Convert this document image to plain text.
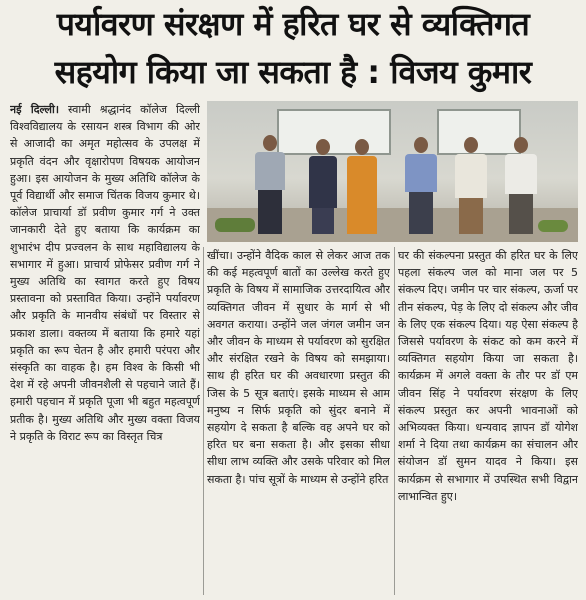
पर्यावरण संरक्षण में हरित घर से व्यक्तिगत
सहयोग किया जा सकता है : विजय कुमार
नई दिल्ली। स्वामी श्रद्धानंद कॉलेज दिल्ली विश्वविद्यालय के रसायन शस्त्र विभाग की ओर से आजादी का अमृत महोत्सव के उपलक्ष में प्रकृति वंदन और वृक्षारोपण विषयक आयोजन हुआ। इस आयोजन के मुख्य अतिथि कॉलेज के पूर्व विद्यार्थी और समाज चिंतक विजय कुमार थे। कॉलेज प्राचार्या डॉ प्रवीण कुमार गर्ग ने उक्त जानकारी देते हुए बताया कि कार्यक्रम का शुभारंभ दीप प्रज्वलन के साथ महाविद्यालय के सभागार में हुआ। प्राचार्य प्रोफेसर प्रवीण गर्ग ने मुख्य अतिथि का स्वागत करते हुए विषय प्रस्तावना को प्रस्तावित किया। उन्होंने पर्यावरण और प्रकृति के मानवीय संबंधों पर विस्तार से प्रकाश डाला। वक्तव्य में बताया कि हमारे यहां प्रकृति का रूप चेतन है और हमारी परंपरा और संस्कृति का वाहक है। हम विश्व के किसी भी देश में रहे अपनी जीवनशैली से पहचाने जाते हैं। हमारी पहचान में प्रकृति पूजा भी बहुत महत्वपूर्ण प्रतीक है। मुख्य अतिथि और मुख्य वक्ता विजय ने प्रकृति के विराट रूप का विस्तृत चित्र
खींचा। उन्होंने वैदिक काल से लेकर आज तक की कई महत्वपूर्ण बातों का उल्लेख करते हुए प्रकृति के विषय में सामाजिक उत्तरदायित्व और व्यक्तिगत जीवन में सुधार के मार्ग से भी अवगत कराया। उन्होंने जल जंगल जमीन जन और जीवन के माध्यम से पर्यावरण को सुरक्षित और संरक्षित रखने के विषय को समझाया। साथ ही हरित घर की अवधारणा प्रस्तुत की जिस के 5 सूत्र बताएं। इसके माध्यम से आम मनुष्य न सिर्फ प्रकृति को सुंदर बनाने में सहयोग दे सकता है बल्कि वह अपने घर को हरित घर बना सकता है। और इसका सीधा सीधा लाभ व्यक्ति और उसके परिवार को मिल सकता है। पांच सूत्रों के माध्यम से उन्होंने हरित
घर की संकल्पना प्रस्तुत की हरित घर के लिए पहला संकल्प जल को माना जल पर 5 संकल्प दिए। जमीन पर चार संकल्प, ऊर्जा पर तीन संकल्प, पेड़ के लिए दो संकल्प और जीव के लिए एक संकल्प दिया। यह ऐसा संकल्प है जिससे पर्यावरण के संकट को कम करने में व्यक्तिगत सहयोग किया जा सकता है। कार्यक्रम में अगले वक्ता के तौर पर डॉ एम जीवन सिंह ने पर्यावरण संरक्षण के लिए संकल्प प्रस्तुत कर अपनी भावनाओं को अभिव्यक्त किया। धन्यवाद ज्ञापन डॉ योगेश शर्मा ने दिया तथा कार्यक्रम का संचालन और संयोजन डॉ सुमन यादव ने किया। इस कार्यक्रम से सभागार में उपस्थित सभी विद्वान लाभान्वित हुए।
